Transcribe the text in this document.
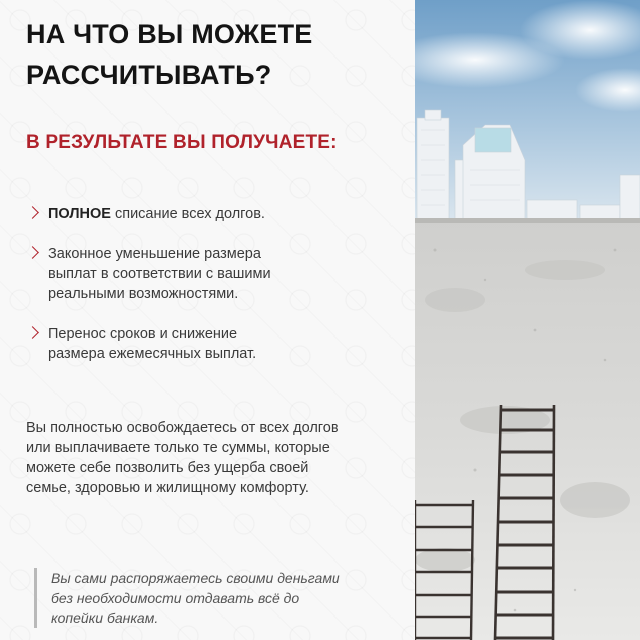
НА ЧТО ВЫ МОЖЕТЕ РАССЧИТЫВАТЬ?
В РЕЗУЛЬТАТЕ ВЫ ПОЛУЧАЕТЕ:
ПОЛНОЕ списание всех долгов.
Законное уменьшение размера выплат в соответствии с вашими реальными возможностями.
Перенос сроков и снижение размера ежемесячных выплат.
Вы полностью освобождаетесь от всех долгов или выплачиваете только те суммы, которые можете себе позволить без ущерба своей семье, здоровью и жилищному комфорту.
Вы сами распоряжаетесь своими деньгами без необходимости отдавать всё до копейки банкам.
